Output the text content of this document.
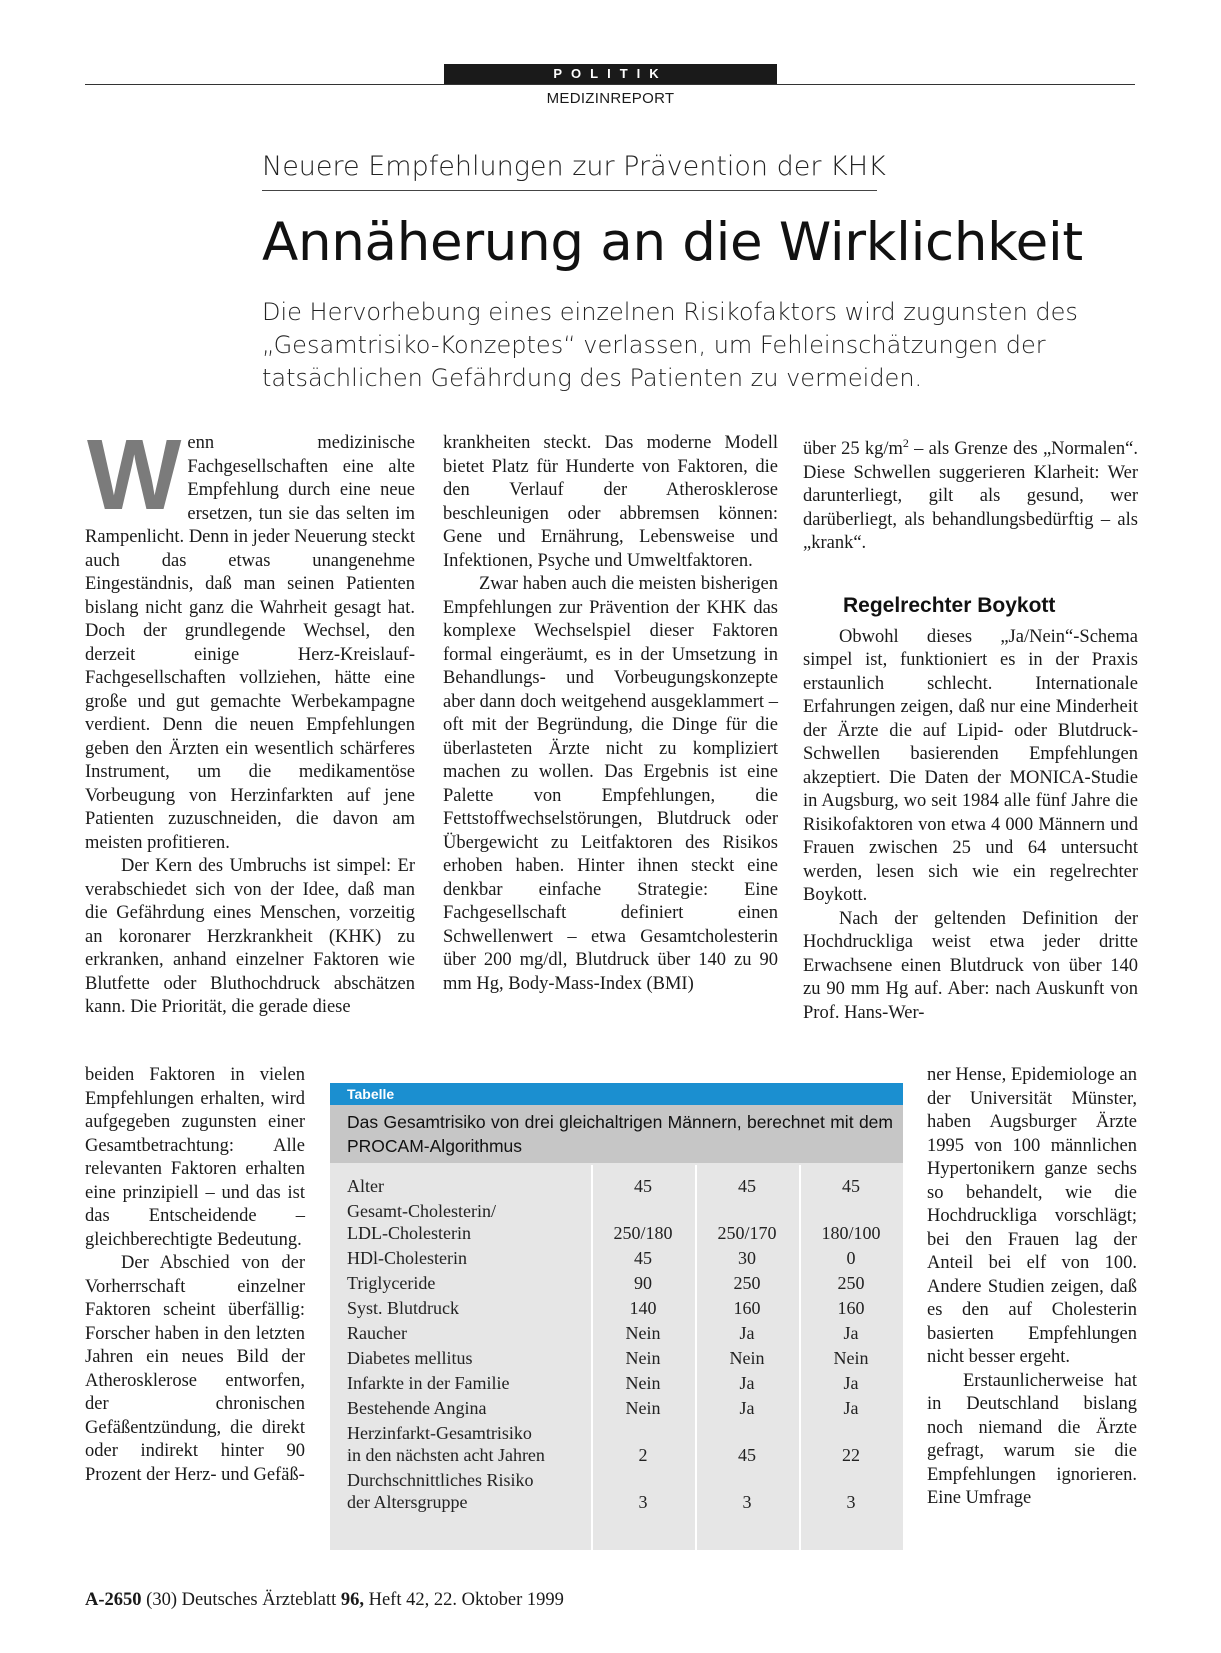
POLITIK
MEDIZINREPORT
Neuere Empfehlungen zur Prävention der KHK
Annäherung an die Wirklichkeit
Die Hervorhebung eines einzelnen Risikofaktors wird zugunsten des „Gesamtrisiko-Konzeptes“ verlassen, um Fehleinschätzungen der tatsächlichen Gefährdung des Patienten zu vermeiden.
W enn medizinische Fachgesellschaften eine alte Empfehlung durch eine neue ersetzen, tun sie das selten im Rampenlicht. Denn in jeder Neuerung steckt auch das etwas unangenehme Eingeständnis, daß man seinen Patienten bislang nicht ganz die Wahrheit gesagt hat. Doch der grundlegende Wechsel, den derzeit einige Herz-Kreislauf-Fachgesellschaften vollziehen, hätte eine große und gut gemachte Werbekampagne verdient. Denn die neuen Empfehlungen geben den Ärzten ein wesentlich schärferes Instrument, um die medikamentöse Vorbeugung von Herzinfarkten auf jene Patienten zuzuschneiden, die davon am meisten profitieren.

Der Kern des Umbruchs ist simpel: Er verabschiedet sich von der Idee, daß man die Gefährdung eines Menschen, vorzeitig an koronarer Herzkrankheit (KHK) zu erkranken, anhand einzelner Faktoren wie Blutfette oder Bluthochdruck abschätzen kann. Die Priorität, die gerade diese

beiden Faktoren in vielen Empfehlungen erhalten, wird aufgegeben zugunsten einer Gesamtbetrachtung: Alle relevanten Faktoren erhalten eine prinzipiell – und das ist das Entscheidende – gleichberechtigte Bedeutung.

Der Abschied von der Vorherrschaft einzelner Faktoren scheint überfällig: Forscher haben in den letzten Jahren ein neues Bild der Atherosklerose entworfen, der chronischen Gefäßentzündung, die direkt oder indirekt hinter 90 Prozent der Herz- und Gefäß-

krankheiten steckt. Das moderne Modell bietet Platz für Hunderte von Faktoren, die den Verlauf der Atherosklerose beschleunigen oder abbremsen können: Gene und Ernährung, Lebensweise und Infektionen, Psyche und Umweltfaktoren.

Zwar haben auch die meisten bisherigen Empfehlungen zur Prävention der KHK das komplexe Wechselspiel dieser Faktoren formal eingeräumt, es in der Umsetzung in Behandlungs- und Vorbeugungskonzepte aber dann doch weitgehend ausgeklammert – oft mit der Begründung, die Dinge für die überlasteten Ärzte nicht zu kompliziert machen zu wollen. Das Ergebnis ist eine Palette von Empfehlungen, die Fettstoffwechselstörungen, Blutdruck oder Übergewicht zu Leitfaktoren des Risikos erhoben haben. Hinter ihnen steckt eine denkbar einfache Strategie: Eine Fachgesellschaft definiert einen Schwellenwert – etwa Gesamtcholesterin über 200 mg/dl, Blutdruck über 140 zu 90 mm Hg, Body-Mass-Index (BMI)

über 25 $kg/m^2$ – als Grenze des „Normalen“. Diese Schwellen suggerieren Klarheit: Wer darunterliegt, gilt als gesund, wer darüberliegt, als behandlungsbedürftig – als „krank“.

Obwohl dieses „Ja/Nein“-Schema simpel ist, funktioniert es in der Praxis erstaunlich schlecht. Internationale Erfahrungen zeigen, daß nur eine Minderheit der Ärzte die auf Lipid- oder Blutdruck-Schwellen basierenden Empfehlungen akzeptiert. Die Daten der MONICA-Studie in Augsburg, wo seit 1984 alle fünf Jahre die Risikofaktoren von etwa 4 000 Männern und Frauen zwischen 25 und 64 untersucht werden, lesen sich wie ein regelrechter Boykott.

Nach der geltenden Definition der Hochdruckliga weist etwa jeder dritte Erwachsene einen Blutdruck von über 140 zu 90 mm Hg auf. Aber: nach Auskunft von Prof. Hans-Wer-

Regelrechter Boykott

ner Hense, Epidemiologe an der Universität Münster, haben Augsburger Ärzte 1995 von 100 männlichen Hypertonikern ganze sechs so behandelt, wie die Hochdruckliga vorschlägt; bei den Frauen lag der Anteil bei elf von 100. Andere Studien zeigen, daß es den auf Cholesterin basierten Empfehlungen nicht besser ergeht.

Erstaunlicherweise hat in Deutschland bislang noch niemand die Ärzte gefragt, warum sie die Empfehlungen ignorieren. Eine Umfrage

Tabelle
Das Gesamtrisiko von drei gleichaltrigen Männern, berechnet mit dem PROCAM-Algorithmus
Alter	45	45	45
Gesamt-Cholesterin/
LDL-Cholesterin	250/180	250/170	180/100
HDl-Cholesterin	45	30	0
Triglyceride	90	250	250
Syst. Blutdruck	140	160	160
Raucher	Nein	Ja	Ja
Diabetes mellitus	Nein	Nein	Nein
Infarkte in der Familie	Nein	Ja	Ja
Bestehende Angina	Nein	Ja	Ja
Herzinfarkt-Gesamtrisiko
in den nächsten acht Jahren	2	45	22
Durchschnittliches Risiko
der Altersgruppe	3	3	3
A-2650 (30) Deutsches Ärzteblatt 96, Heft 42, 22. Oktober 1999
